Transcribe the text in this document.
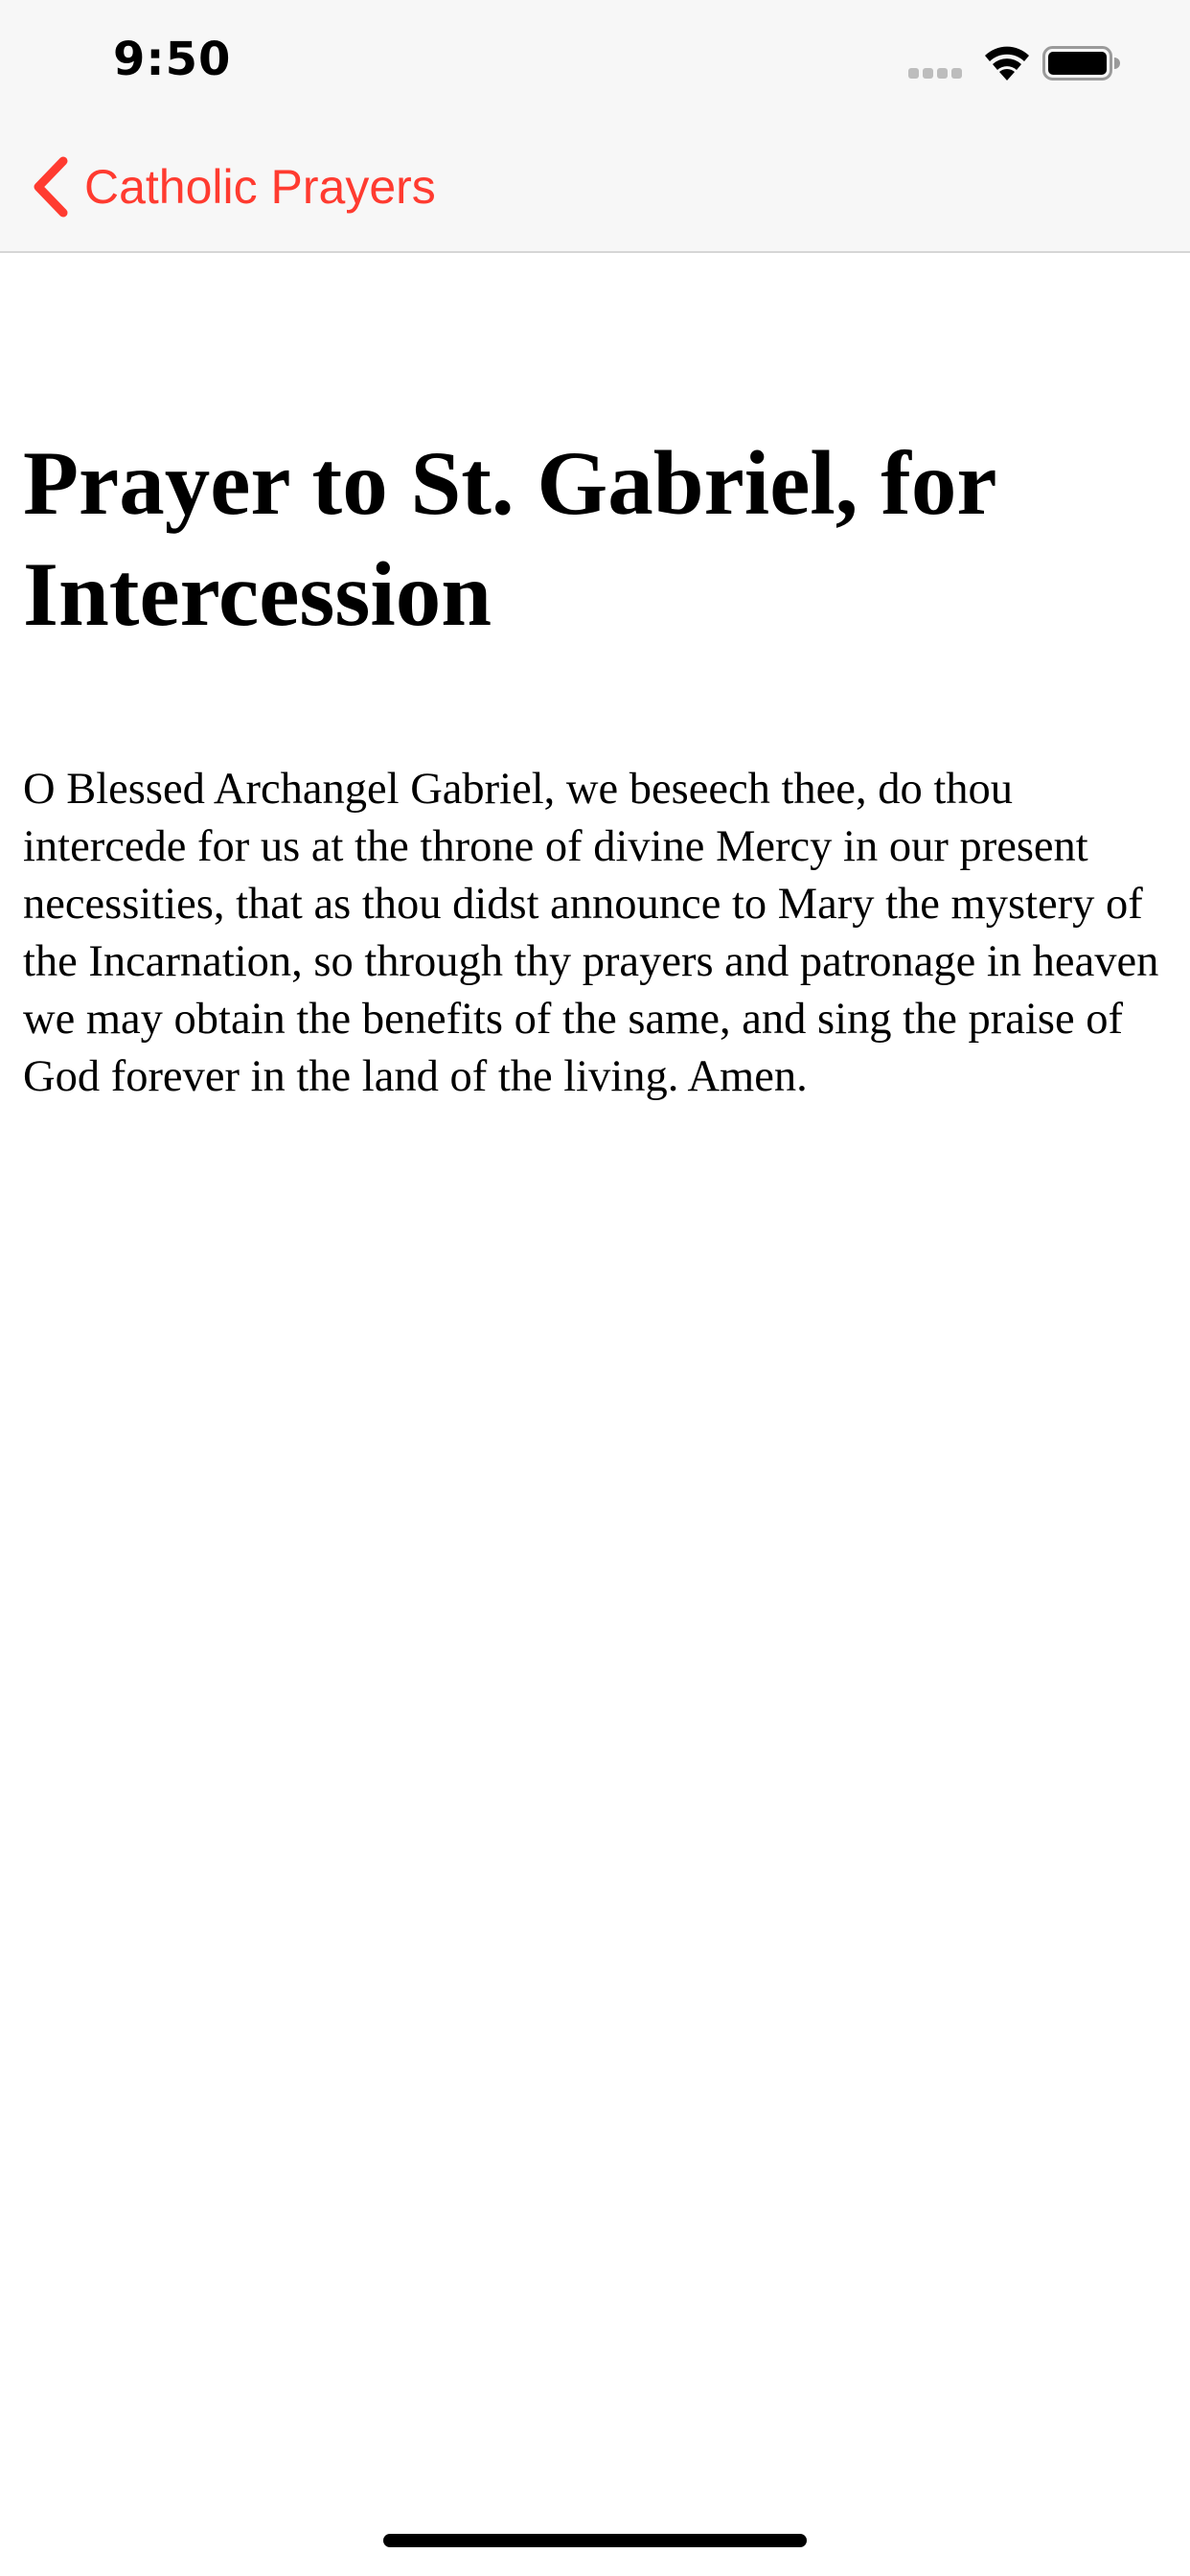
9:50
Catholic Prayers
Prayer to St. Gabriel, for Intercession

O Blessed Archangel Gabriel, we beseech thee, do thou intercede for us at the throne of divine Mercy in our present necessities, that as thou didst announce to Mary the mystery of the Incarnation, so through thy prayers and patronage in heaven we may obtain the benefits of the same, and sing the praise of God forever in the land of the living. Amen.
